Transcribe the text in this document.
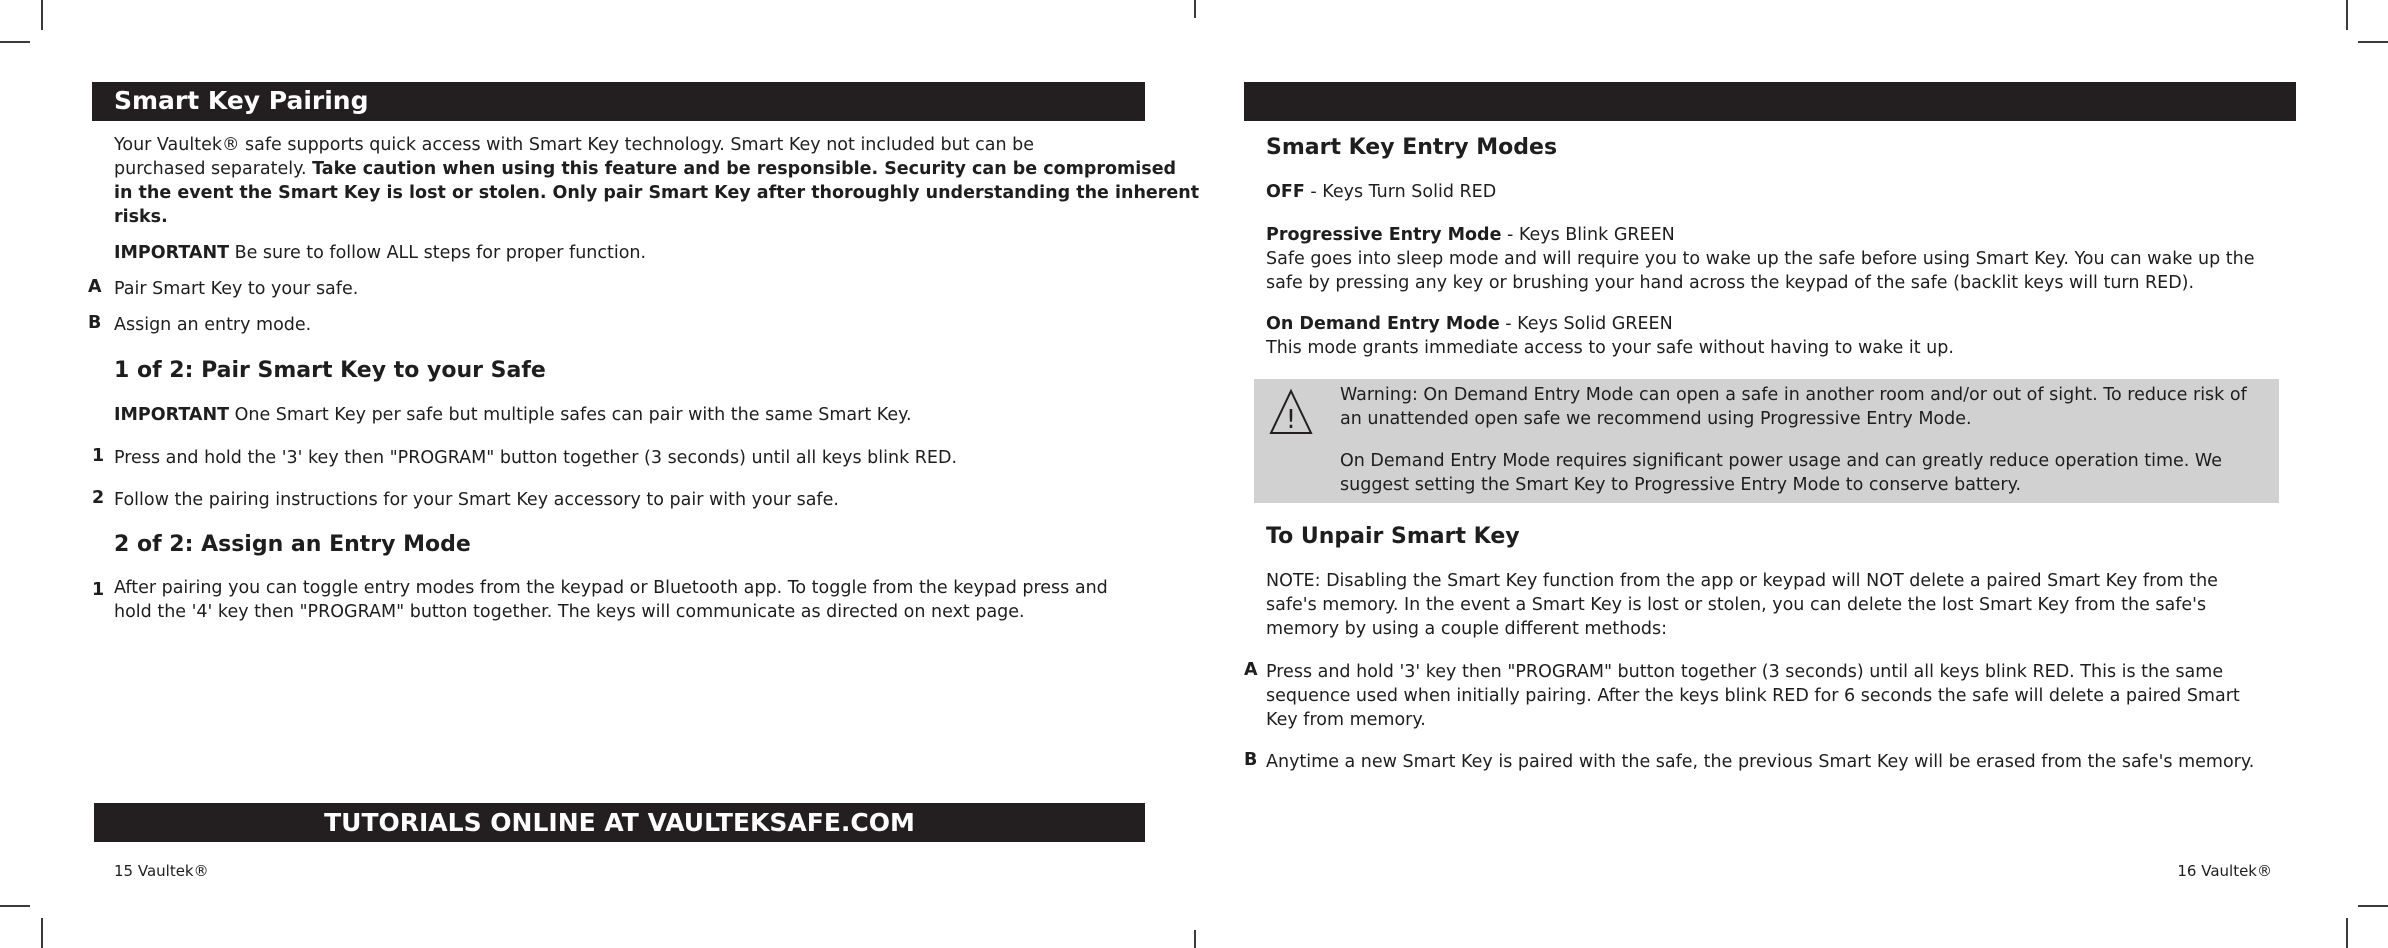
Smart Key Pairing

Your Vaultek® safe supports quick access with Smart Key technology. Smart Key not included but can be

purchased separately. Take caution when using this feature and be responsible. Security can be compromised

in the event the Smart Key is lost or stolen. Only pair Smart Key after thoroughly understanding the inherent

risks.

IMPORTANT Be sure to follow ALL steps for proper function.
A Pair Smart Key to your safe.
B Assign an entry mode.
1 of 2: Pair Smart Key to your Safe
IMPORTANT One Smart Key per safe but multiple safes can pair with the same Smart Key.
1 Press and hold the '3' key then "PROGRAM" button together (3 seconds) until all keys blink RED.
2 Follow the pairing instructions for your Smart Key accessory to pair with your safe.
2 of 2: Assign an Entry Mode
1 After pairing you can toggle entry modes from the keypad or Bluetooth app. To toggle from the keypad press and

hold the '4' key then "PROGRAM" button together. The keys will communicate as directed on next page.

TUTORIALS ONLINE AT VAULTEKSAFE.COM
15 Vaultek®
Smart Key Entry Modes
OFF - Keys Turn Solid RED

Progressive Entry Mode - Keys Blink GREEN

Safe goes into sleep mode and will require you to wake up the safe before using Smart Key. You can wake up the

safe by pressing any key or brushing your hand across the keypad of the safe (backlit keys will turn RED).

On Demand Entry Mode - Keys Solid GREEN

This mode grants immediate access to your safe without having to wake it up.

!

Warning: On Demand Entry Mode can open a safe in another room and/or out of sight. To reduce risk of

an unattended open safe we recommend using Progressive Entry Mode.

On Demand Entry Mode requires significant power usage and can greatly reduce operation time. We

suggest setting the Smart Key to Progressive Entry Mode to conserve battery.

To Unpair Smart Key

NOTE: Disabling the Smart Key function from the app or keypad will NOT delete a paired Smart Key from the

safe's memory. In the event a Smart Key is lost or stolen, you can delete the lost Smart Key from the safe's

memory by using a couple different methods:

A Press and hold '3' key then "PROGRAM" button together (3 seconds) until all keys blink RED. This is the same

sequence used when initially pairing. After the keys blink RED for 6 seconds the safe will delete a paired Smart

Key from memory.

B Anytime a new Smart Key is paired with the safe, the previous Smart Key will be erased from the safe's memory.
16 Vaultek®
